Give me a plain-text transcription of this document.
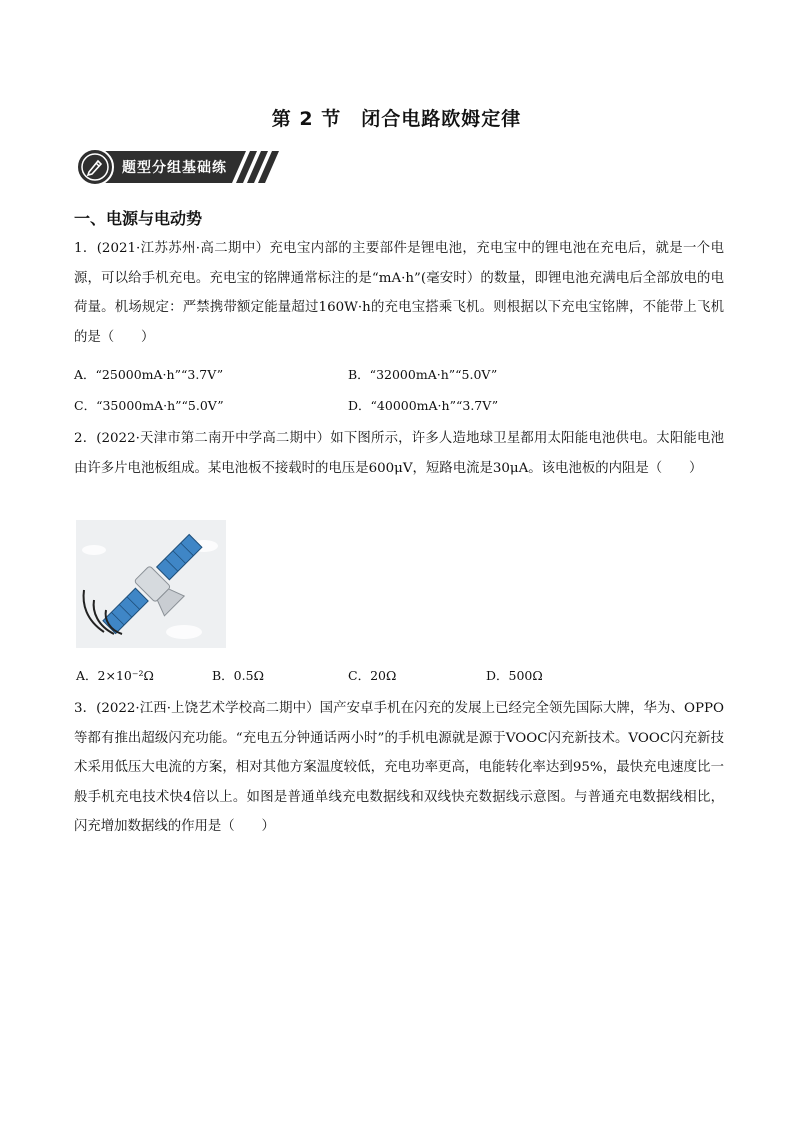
第 2 节　闭合电路欧姆定律
题型分组基础练
一、电源与电动势
1．(2021·江苏苏州·高二期中）充电宝内部的主要部件是锂电池，充电宝中的锂电池在充电后，就是一个电源，可以给手机充电。充电宝的铭牌通常标注的是“mA·h”(毫安时）的数量，即锂电池充满电后全部放电的电荷量。机场规定：严禁携带额定能量超过160W·h的充电宝搭乘飞机。则根据以下充电宝铭牌，不能带上飞机的是（　　）
A．“25000mA·h”“3.7V”	B．“32000mA·h”“5.0V”
C．“35000mA·h”“5.0V”	D．“40000mA·h”“3.7V”
2．(2022·天津市第二南开中学高二期中）如下图所示，许多人造地球卫星都用太阳能电池供电。太阳能电池由许多片电池板组成。某电池板不接载时的电压是600μV，短路电流是30μA。该电池板的内阻是（　　）
A．2×10⁻²Ω	B．0.5Ω	C．20Ω	D．500Ω
3．(2022·江西·上饶艺术学校高二期中）国产安卓手机在闪充的发展上已经完全领先国际大牌，华为、OPPO等都有推出超级闪充功能。“充电五分钟通话两小时”的手机电源就是源于VOOC闪充新技术。VOOC闪充新技术采用低压大电流的方案，相对其他方案温度较低，充电功率更高，电能转化率达到95%，最快充电速度比一般手机充电技术快4倍以上。如图是普通单线充电数据线和双线快充数据线示意图。与普通充电数据线相比，闪充增加数据线的作用是（　　）
